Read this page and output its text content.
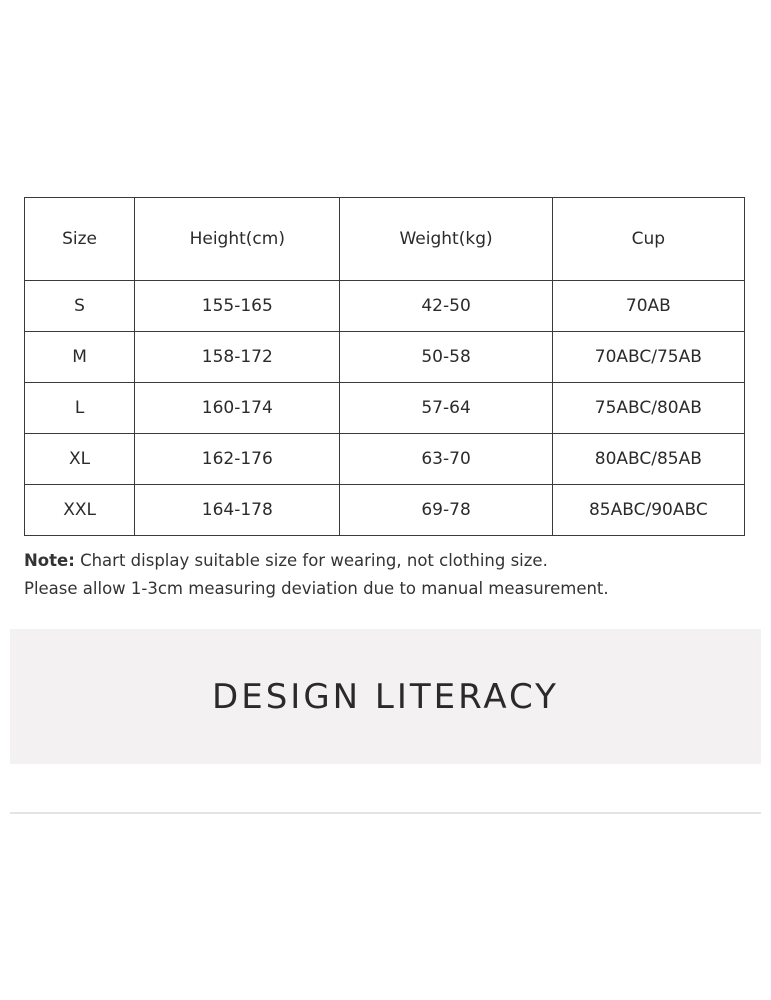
Size	Height(cm)	Weight(kg)	Cup
S	155-165	42-50	70AB
M	158-172	50-58	70ABC/75AB
L	160-174	57-64	75ABC/80AB
XL	162-176	63-70	80ABC/85AB
XXL	164-178	69-78	85ABC/90ABC

Note: Chart display suitable size for wearing, not clothing size.

Please allow 1-3cm measuring deviation due to manual measurement.

DESIGN LITERACY
